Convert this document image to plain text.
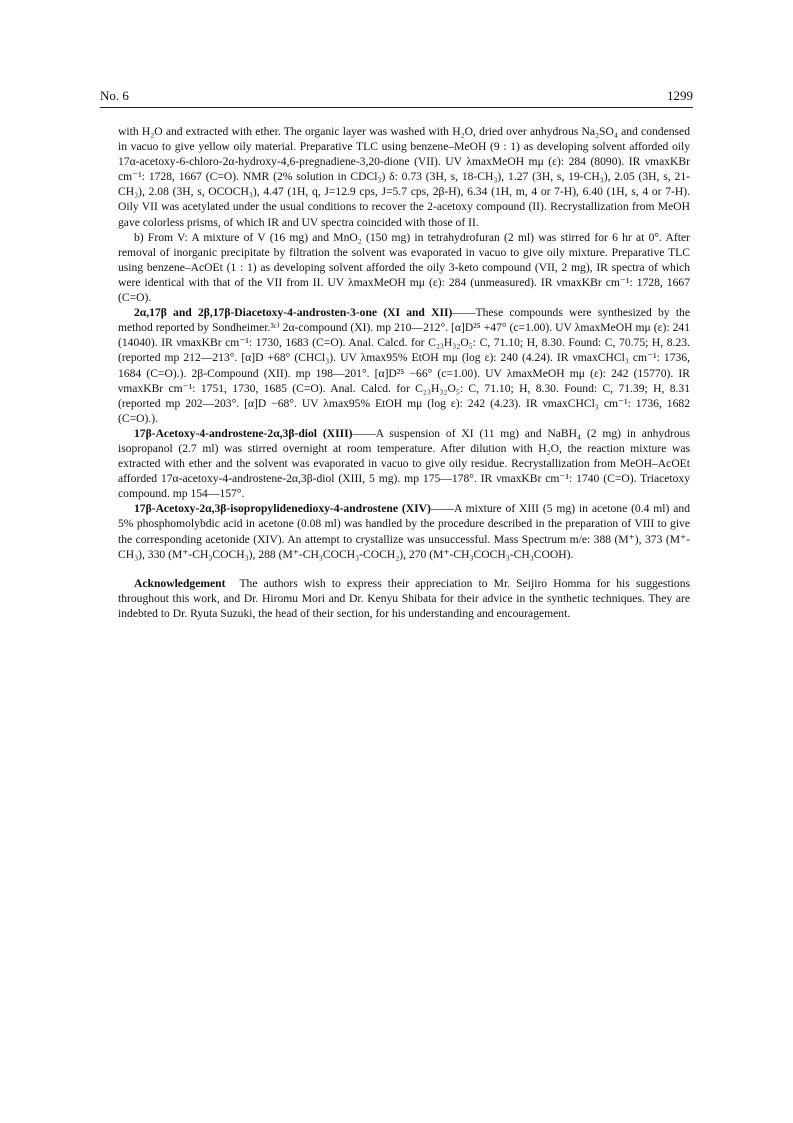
No. 6	1299

with H₂O and extracted with ether. The organic layer was washed with H₂O, dried over anhydrous Na₂SO₄ and condensed in vacuo to give yellow oily material. Preparative TLC using benzene–MeOH (9 : 1) as developing solvent afforded oily 17α-acetoxy-6-chloro-2α-hydroxy-4,6-pregnadiene-3,20-dione (VII). UV λmaxMeOH mμ (ε): 284 (8090). IR νmaxKBr cm⁻¹: 1728, 1667 (C=O). NMR (2% solution in CDCl₃) δ: 0.73 (3H, s, 18-CH₃), 1.27 (3H, s, 19-CH₃), 2.05 (3H, s, 21-CH₃), 2.08 (3H, s, OCOCH₃), 4.47 (1H, q, J=12.9 cps, J=5.7 cps, 2β-H), 6.34 (1H, m, 4 or 7-H), 6.40 (1H, s, 4 or 7-H). Oily VII was acetylated under the usual conditions to recover the 2-acetoxy compound (II). Recrystallization from MeOH gave colorless prisms, of which IR and UV spectra coincided with those of II.

b) From V: A mixture of V (16 mg) and MnO₂ (150 mg) in tetrahydrofuran (2 ml) was stirred for 6 hr at 0°. After removal of inorganic precipitate by filtration the solvent was evaporated in vacuo to give oily mixture. Preparative TLC using benzene–AcOEt (1 : 1) as developing solvent afforded the oily 3-keto compound (VII, 2 mg), IR spectra of which were identical with that of the VII from II. UV λmaxMeOH mμ (ε): 284 (unmeasured). IR νmaxKBr cm⁻¹: 1728, 1667 (C=O).

2α,17β and 2β,17β-Diacetoxy-4-androsten-3-one (XI and XII)——These compounds were synthesized by the method reported by Sondheimer.³ᶜ⁾ 2α-compound (XI). mp 210—212°. [α]D²⁵ +47° (c=1.00). UV λmaxMeOH mμ (ε): 241 (14040). IR νmaxKBr cm⁻¹: 1730, 1683 (C=O). Anal. Calcd. for C₂₃H₃₂O₅: C, 71.10; H, 8.30. Found: C, 70.75; H, 8.23. (reported mp 212—213°. [α]D +68° (CHCl₃). UV λmax95% EtOH mμ (log ε): 240 (4.24). IR νmaxCHCl₃ cm⁻¹: 1736, 1684 (C=O).). 2β-Compound (XII). mp 198—201°. [α]D²⁵ −66° (c=1.00). UV λmaxMeOH mμ (ε): 242 (15770). IR νmaxKBr cm⁻¹: 1751, 1730, 1685 (C=O). Anal. Calcd. for C₂₃H₃₂O₅: C, 71.10; H, 8.30. Found: C, 71.39; H, 8.31 (reported mp 202—203°. [α]D −68°. UV λmax95% EtOH mμ (log ε): 242 (4.23). IR νmaxCHCl₃ cm⁻¹: 1736, 1682 (C=O).).

17β-Acetoxy-4-androstene-2α,3β-diol (XIII)——A suspension of XI (11 mg) and NaBH₄ (2 mg) in anhydrous isopropanol (2.7 ml) was stirred overnight at room temperature. After dilution with H₂O, the reaction mixture was extracted with ether and the solvent was evaporated in vacuo to give oily residue. Recrystallization from MeOH–AcOEt afforded 17α-acetoxy-4-androstene-2α,3β-diol (XIII, 5 mg). mp 175—178°. IR νmaxKBr cm⁻¹: 1740 (C=O). Triacetoxy compound. mp 154—157°.

17β-Acetoxy-2α,3β-isopropylidenedioxy-4-androstene (XIV)——A mixture of XIII (5 mg) in acetone (0.4 ml) and 5% phosphomolybdic acid in acetone (0.08 ml) was handled by the procedure described in the preparation of VIII to give the corresponding acetonide (XIV). An attempt to crystallize was unsuccessful. Mass Spectrum m/e: 388 (M⁺), 373 (M⁺-CH₃), 330 (M⁺-CH₃COCH₃), 288 (M⁺-CH₃COCH₃-COCH₂), 270 (M⁺-CH₃COCH₃-CH₃COOH).

Acknowledgement The authors wish to express their appreciation to Mr. Seijiro Homma for his suggestions throughout this work, and Dr. Hiromu Mori and Dr. Kenyu Shibata for their advice in the synthetic techniques. They are indebted to Dr. Ryuta Suzuki, the head of their section, for his understanding and encouragement.
